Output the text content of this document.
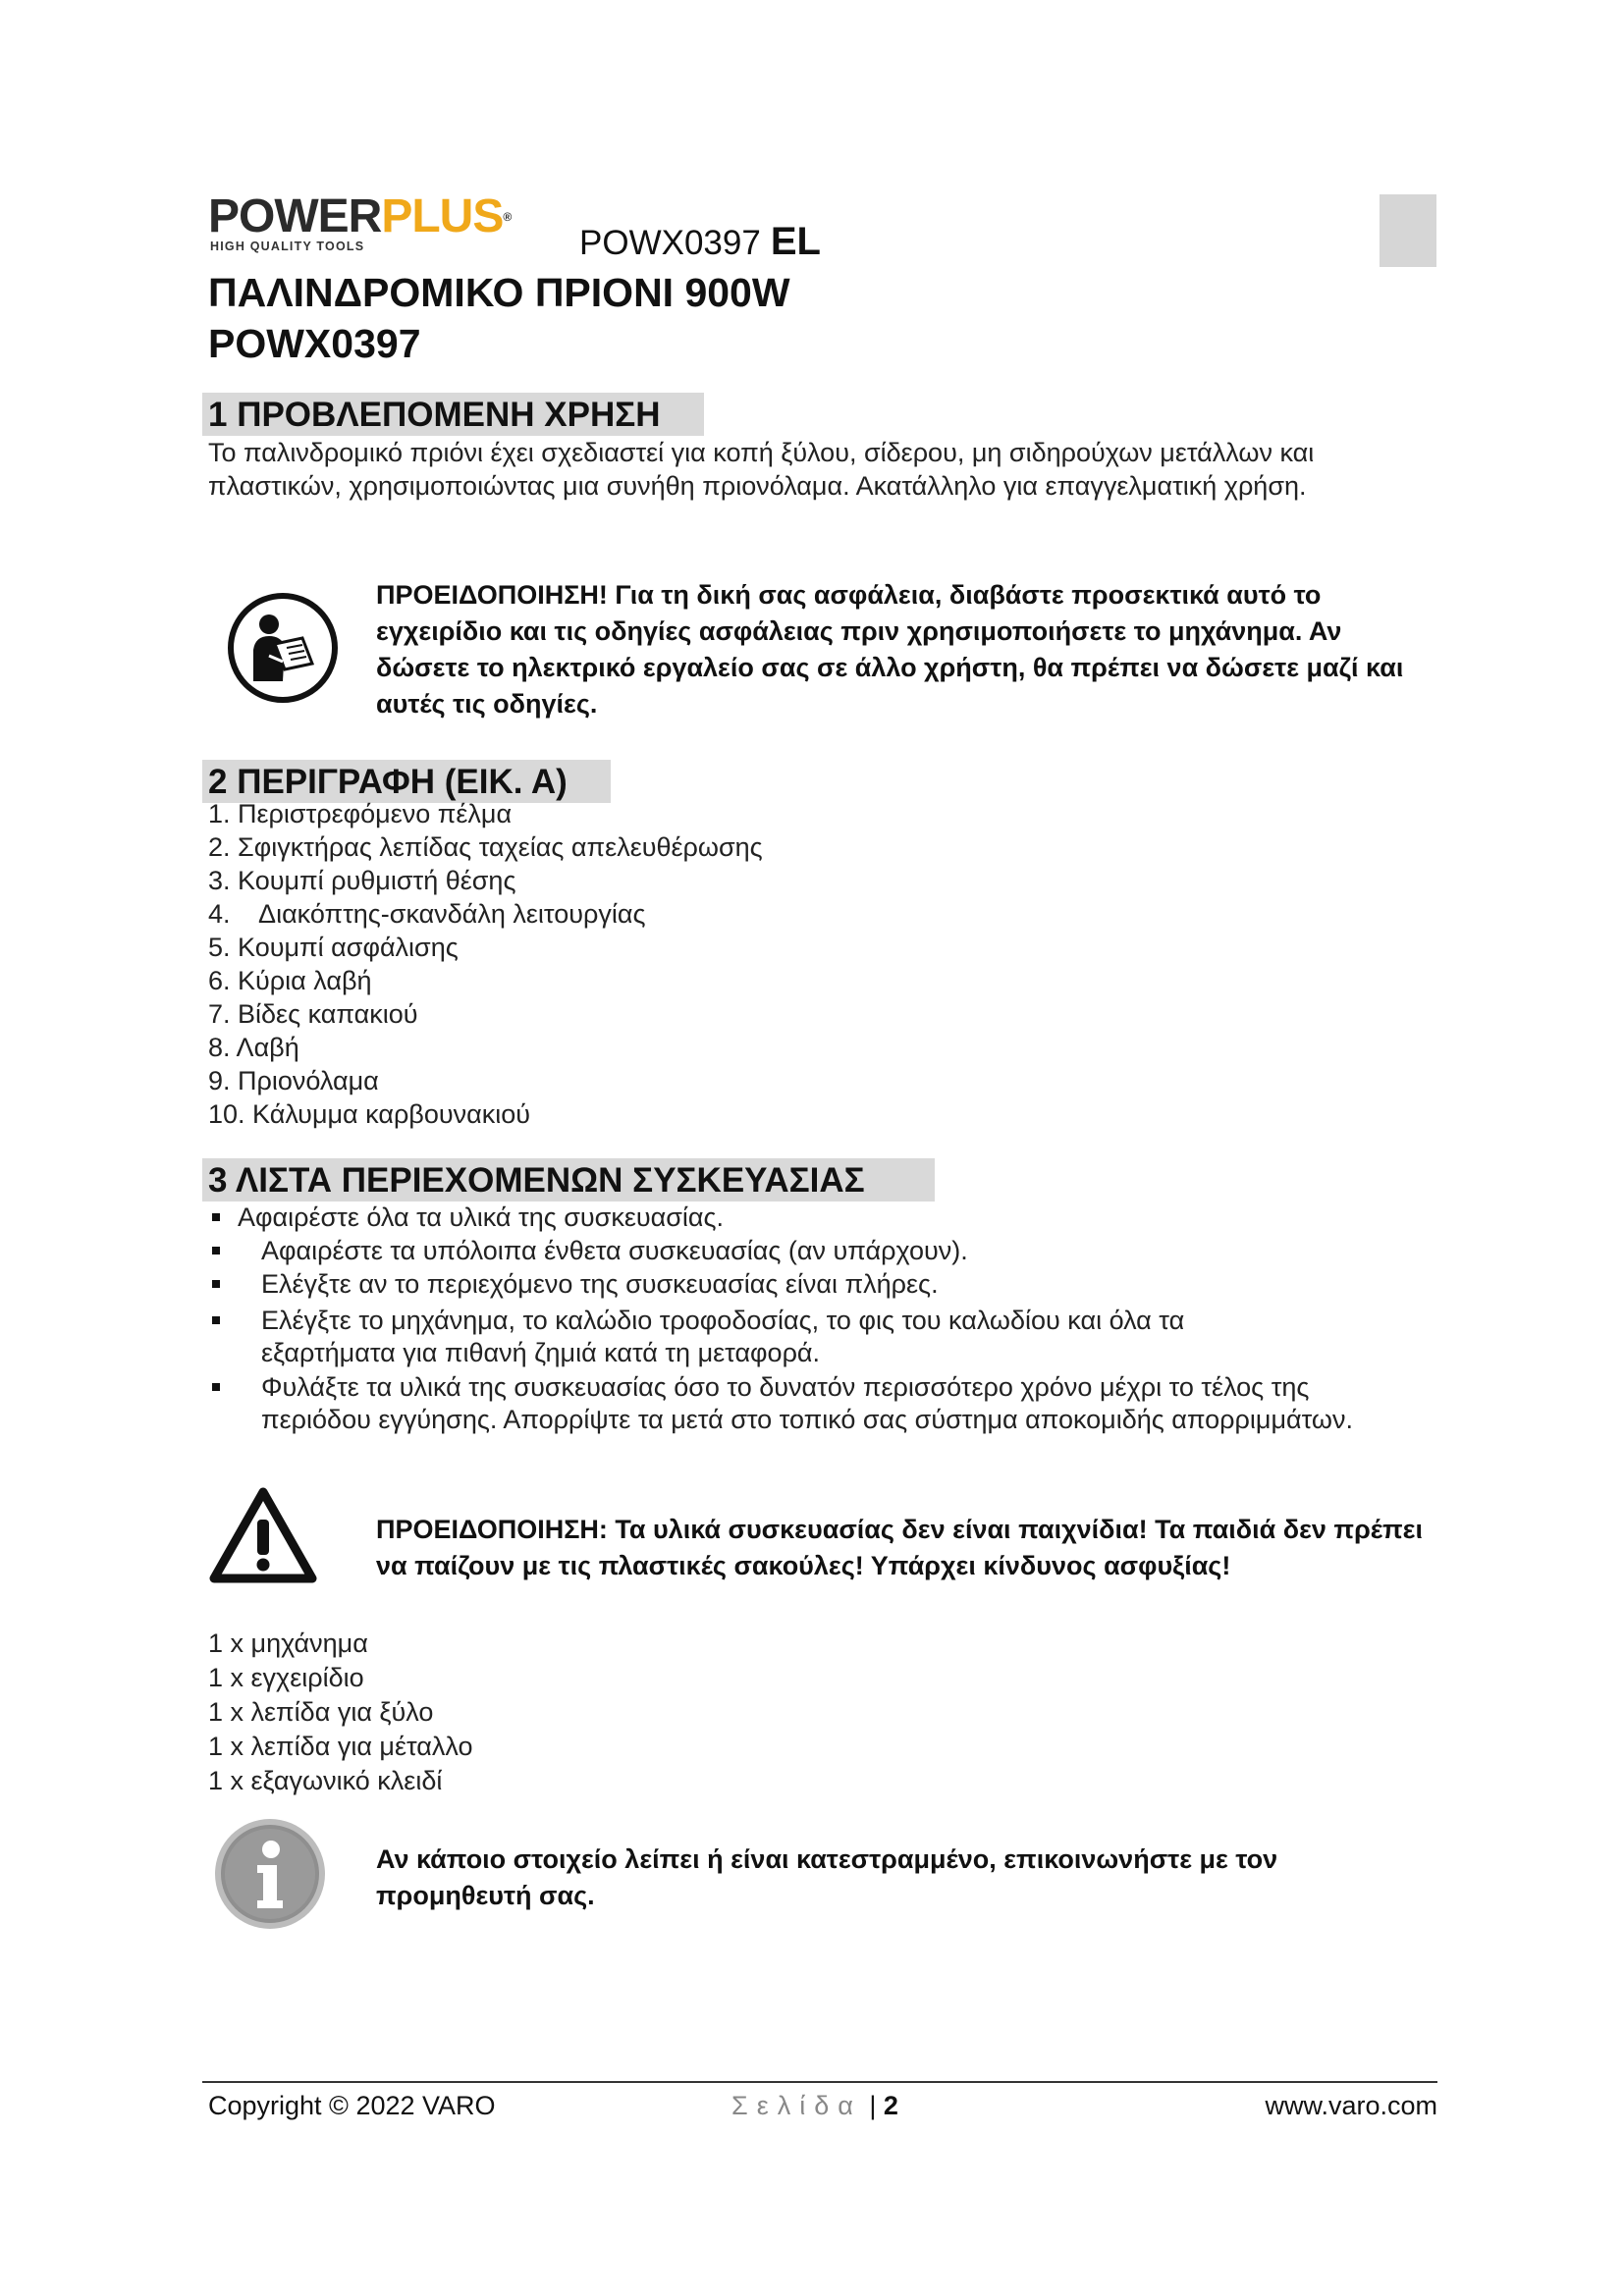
POWERPLUS®
HIGH QUALITY TOOLS	POWX0397 EL
ΠΑΛΙΝΔΡΟΜΙΚΟ ΠΡΙΟΝΙ 900W
POWX0397
1 ΠΡΟΒΛΕΠΟΜΕΝΗ ΧΡΗΣΗ
Το παλινδρομικό πριόνι έχει σχεδιαστεί για κοπή ξύλου, σίδερου, μη σιδηρούχων μετάλλων και πλαστικών, χρησιμοποιώντας μια συνήθη πριονόλαμα. Ακατάλληλο για επαγγελματική χρήση.
ΠΡΟΕΙΔΟΠΟΙΗΣΗ! Για τη δική σας ασφάλεια, διαβάστε προσεκτικά αυτό το εγχειρίδιο και τις οδηγίες ασφάλειας πριν χρησιμοποιήσετε το μηχάνημα. Αν δώσετε το ηλεκτρικό εργαλείο σας σε άλλο χρήστη, θα πρέπει να δώσετε μαζί και αυτές τις οδηγίες.
2 ΠΕΡΙΓΡΑΦΗ (ΕΙΚ. Α)
1. Περιστρεφόμενο πέλμα
2. Σφιγκτήρας λεπίδας ταχείας απελευθέρωσης
3. Κουμπί ρυθμιστή θέσης
4.    Διακόπτης-σκανδάλη λειτουργίας
5. Κουμπί ασφάλισης
6. Κύρια λαβή
7. Βίδες καπακιού
8. Λαβή
9. Πριονόλαμα
10. Κάλυμμα καρβουνακιού
3 ΛΙΣΤΑ ΠΕΡΙΕΧΟΜΕΝΩΝ ΣΥΣΚΕΥΑΣΙΑΣ
Αφαιρέστε όλα τα υλικά της συσκευασίας.
Αφαιρέστε τα υπόλοιπα ένθετα συσκευασίας (αν υπάρχουν).
Ελέγξτε αν το περιεχόμενο της συσκευασίας είναι πλήρες.
Ελέγξτε το μηχάνημα, το καλώδιο τροφοδοσίας, το φις του καλωδίου και όλα τα εξαρτήματα για πιθανή ζημιά κατά τη μεταφορά.
Φυλάξτε τα υλικά της συσκευασίας όσο το δυνατόν περισσότερο χρόνο μέχρι το τέλος της περιόδου εγγύησης. Απορρίψτε τα μετά στο τοπικό σας σύστημα αποκομιδής απορριμμάτων.
ΠΡΟΕΙΔΟΠΟΙΗΣΗ: Τα υλικά συσκευασίας δεν είναι παιχνίδια! Τα παιδιά δεν πρέπει να παίζουν με τις πλαστικές σακούλες! Υπάρχει κίνδυνος ασφυξίας!
1 x μηχάνημα
1 x εγχειρίδιο
1 x λεπίδα για ξύλο
1 x λεπίδα για μέταλλο
1 x εξαγωνικό κλειδί
Αν κάποιο στοιχείο λείπει ή είναι κατεστραμμένο, επικοινωνήστε με τον προμηθευτή σας.
Copyright © 2022 VARO	Σελίδα | 2	www.varo.com
